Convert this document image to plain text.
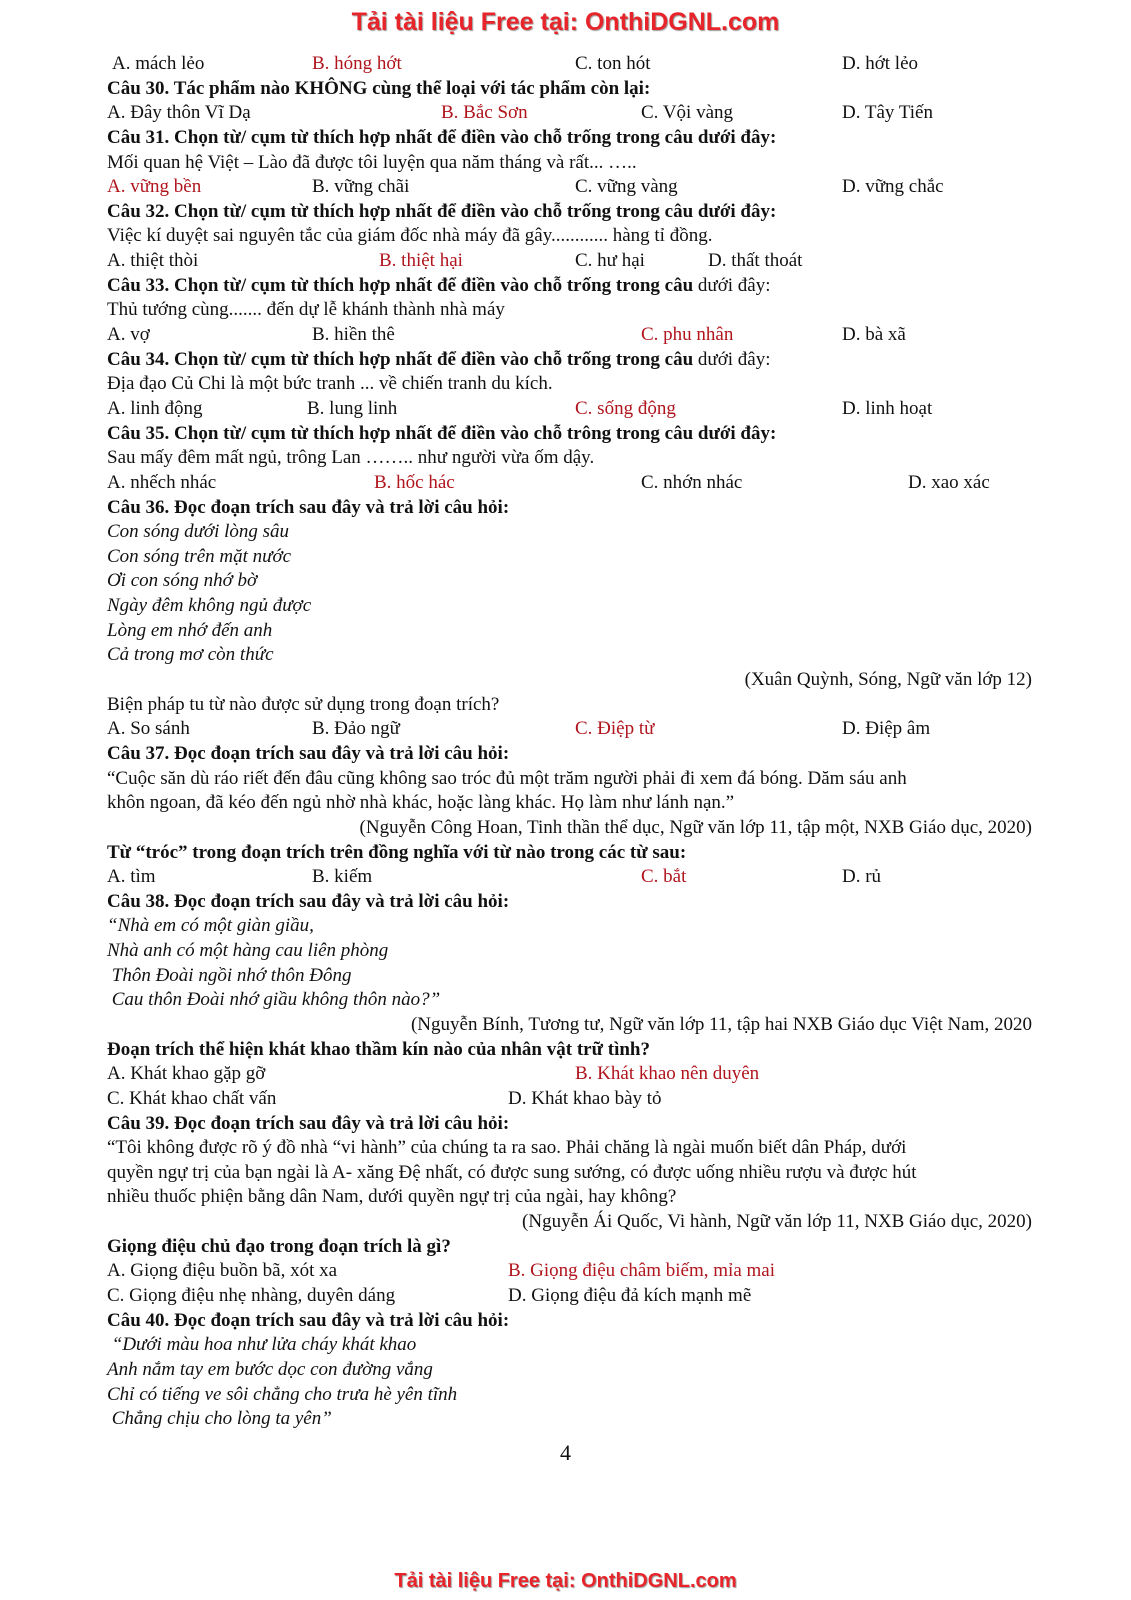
Tải tài liệu Free tại: OnthiDGNL.com
A. mách lẻo	B. hóng hớt	C. ton hót	D. hớt lẻo
Câu 30. Tác phẩm nào KHÔNG cùng thể loại với tác phẩm còn lại:
A. Đây thôn Vĩ Dạ	B. Bắc Sơn	C. Vội vàng	D. Tây Tiến
Câu 31. Chọn từ/ cụm từ thích hợp nhất để điền vào chỗ trống trong câu dưới đây:
Mối quan hệ Việt – Lào đã được tôi luyện qua năm tháng và rất... …..
A. vững bền	B. vững chãi	C. vững vàng	D. vững chắc
Câu 32. Chọn từ/ cụm từ thích hợp nhất để điền vào chỗ trống trong câu dưới đây:
Việc kí duyệt sai nguyên tắc của giám đốc nhà máy đã gây............ hàng tỉ đồng.
A. thiệt thòi	B. thiệt hại	C. hư hại	D. thất thoát
Câu 33. Chọn từ/ cụm từ thích hợp nhất để điền vào chỗ trống trong câu dưới đây:
Thủ tướng cùng....... đến dự lễ khánh thành nhà máy
A. vợ	B. hiền thê	C. phu nhân	D. bà xã
Câu 34. Chọn từ/ cụm từ thích hợp nhất để điền vào chỗ trống trong câu dưới đây:
Địa đạo Củ Chi là một bức tranh ... về chiến tranh du kích.
A. linh động	B. lung linh	C. sống động	D. linh hoạt
Câu 35. Chọn từ/ cụm từ thích hợp nhất để điền vào chỗ trông trong câu dưới đây:
Sau mấy đêm mất ngủ, trông Lan …….. như người vừa ốm dậy.
A. nhếch nhác	B. hốc hác	C. nhớn nhác	D. xao xác
Câu 36. Đọc đoạn trích sau đây và trả lời câu hỏi:
Con sóng dưới lòng sâu
Con sóng trên mặt nước
Ơi con sóng nhớ bờ
Ngày đêm không ngủ được
Lòng em nhớ đến anh
Cả trong mơ còn thức
(Xuân Quỳnh, Sóng, Ngữ văn lớp 12)
Biện pháp tu từ nào được sử dụng trong đoạn trích?
A. So sánh	B. Đảo ngữ	C. Điệp từ	D. Điệp âm
Câu 37. Đọc đoạn trích sau đây và trả lời câu hỏi:
“Cuộc săn dù ráo riết đến đâu cũng không sao tróc đủ một trăm người phải đi xem đá bóng. Dăm sáu anh
khôn ngoan, đã kéo đến ngủ nhờ nhà khác, hoặc làng khác. Họ làm như lánh nạn.”
(Nguyễn Công Hoan, Tinh thần thể dục, Ngữ văn lớp 11, tập một, NXB Giáo dục, 2020)
Từ “tróc” trong đoạn trích trên đồng nghĩa với từ nào trong các từ sau:
A. tìm	B. kiếm	C. bắt	D. rủ
Câu 38. Đọc đoạn trích sau đây và trả lời câu hỏi:
“Nhà em có một giàn giầu,
Nhà anh có một hàng cau liên phòng
Thôn Đoài ngồi nhớ thôn Đông
Cau thôn Đoài nhớ giầu không thôn nào?”
(Nguyễn Bính, Tương tư, Ngữ văn lớp 11, tập hai NXB Giáo dục Việt Nam, 2020
Đoạn trích thể hiện khát khao thầm kín nào của nhân vật trữ tình?
A. Khát khao gặp gỡ	B. Khát khao nên duyên
C. Khát khao chất vấn	D. Khát khao bày tỏ
Câu 39. Đọc đoạn trích sau đây và trả lời câu hỏi:
“Tôi không được rõ ý đồ nhà “vi hành” của chúng ta ra sao. Phải chăng là ngài muốn biết dân Pháp, dưới
quyền ngự trị của bạn ngài là A- xăng Đệ nhất, có được sung sướng, có được uống nhiều rượu và được hút
nhiều thuốc phiện bằng dân Nam, dưới quyền ngự trị của ngài, hay không?
(Nguyễn Ái Quốc, Vi hành, Ngữ văn lớp 11, NXB Giáo dục, 2020)
Giọng điệu chủ đạo trong đoạn trích là gì?
A. Giọng điệu buồn bã, xót xa	B. Giọng điệu châm biếm, mỉa mai
C. Giọng điệu nhẹ nhàng, duyên dáng	D. Giọng điệu đả kích mạnh mẽ
Câu 40. Đọc đoạn trích sau đây và trả lời câu hỏi:
“Dưới màu hoa như lửa cháy khát khao
Anh nắm tay em bước dọc con đường vắng
Chỉ có tiếng ve sôi chẳng cho trưa hè yên tĩnh
Chẳng chịu cho lòng ta yên”
4
Tải tài liệu Free tại: OnthiDGNL.com
